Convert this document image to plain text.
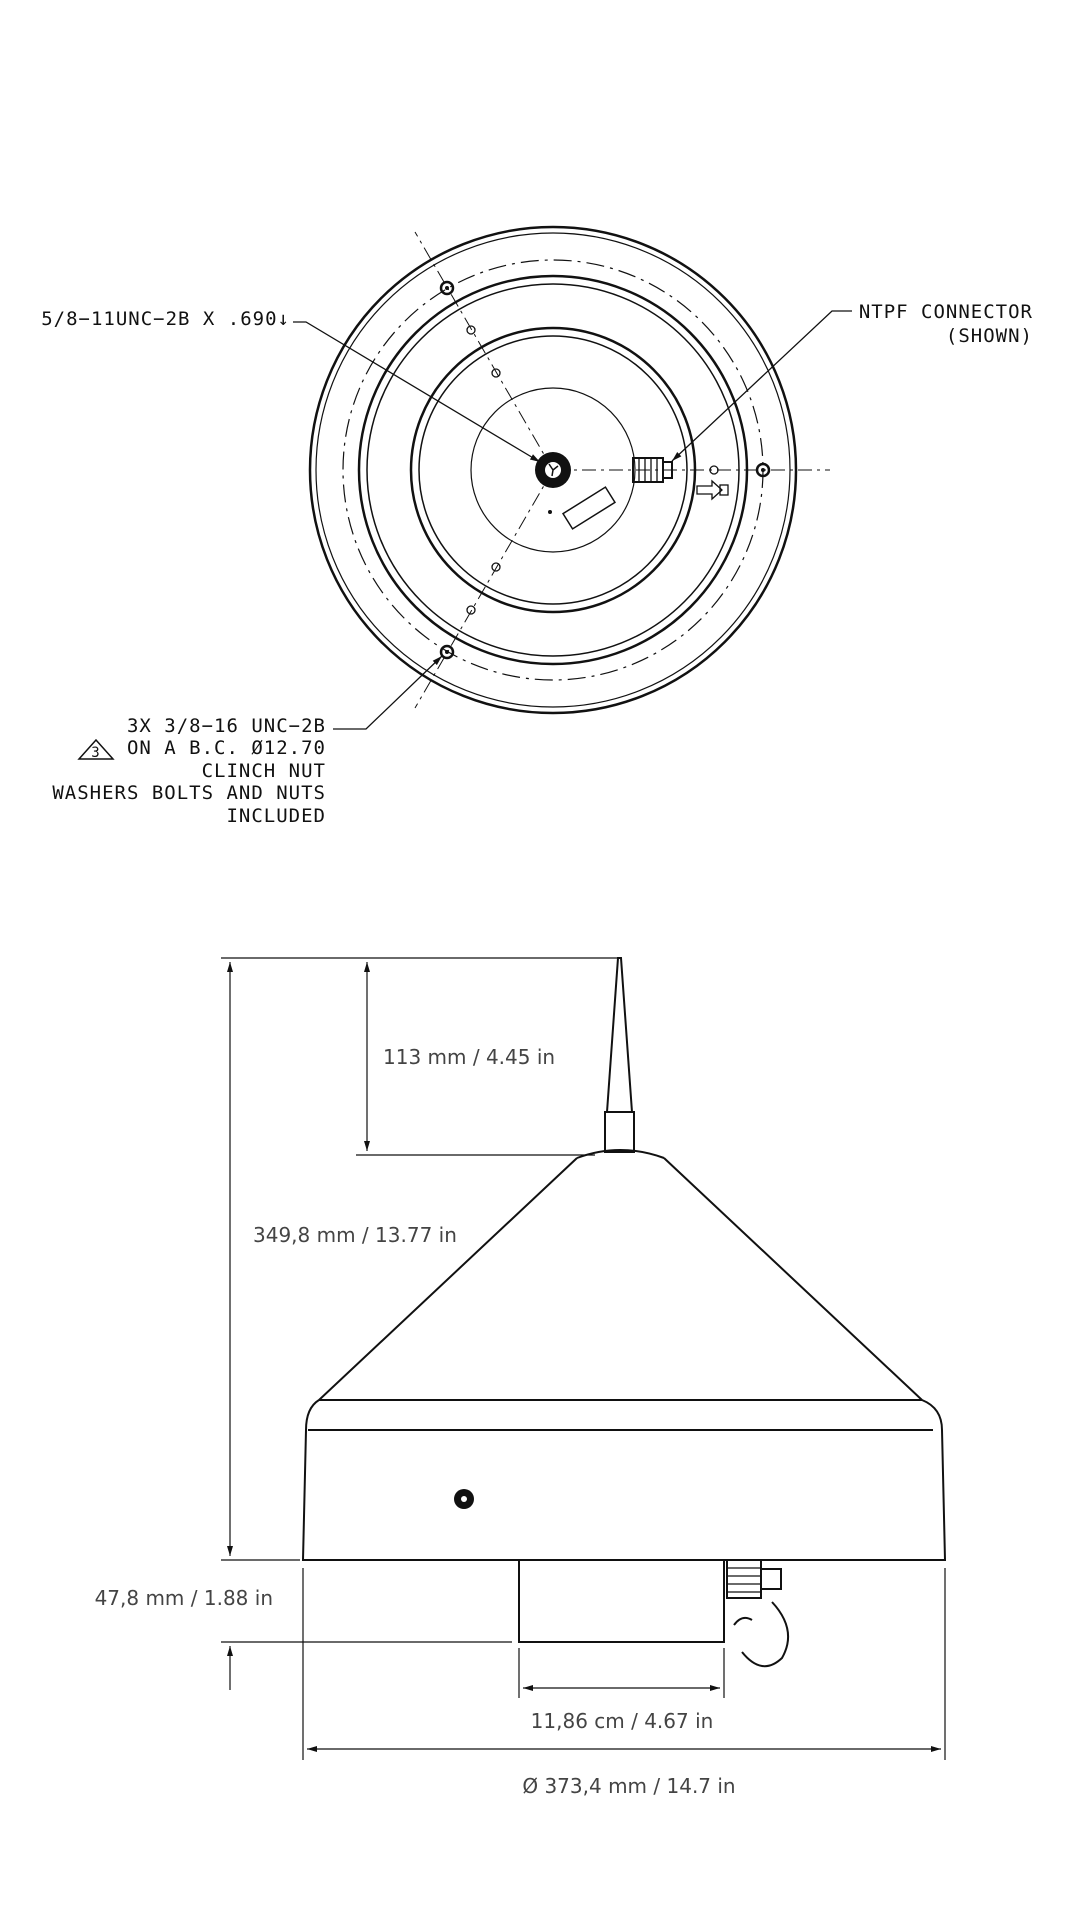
5/8−11UNC−2B X .690↓	NTPF CONNECTOR
(SHOWN)
3X 3/8−16 UNC−2B
ON A B.C. Ø12.70
CLINCH NUT
WASHERS BOLTS AND NUTS
INCLUDED
3
113 mm / 4.45 in
349,8 mm / 13.77 in
47,8 mm / 1.88 in
11,86 cm / 4.67 in
Ø 373,4 mm / 14.7 in
